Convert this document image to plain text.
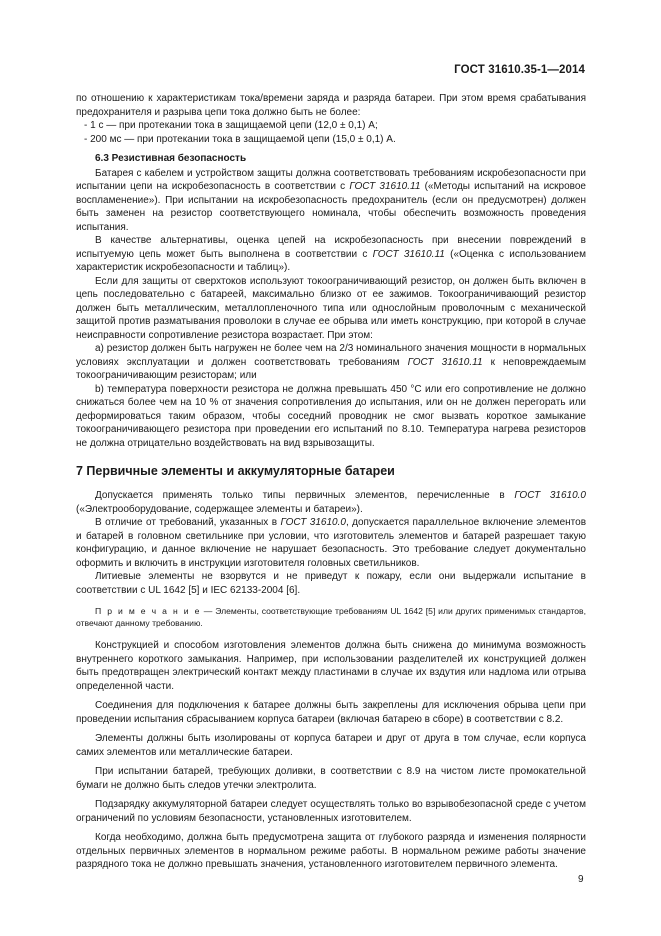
ГОСТ 31610.35-1—2014

по отношению к характеристикам тока/времени заряда и разряда батареи. При этом время срабатывания предохранителя и разрыва цепи тока должно быть не более:

- 1 с — при протекании тока в защищаемой цепи (12,0 ± 0,1) А;

- 200 мс — при протекании тока в защищаемой цепи (15,0 ± 0,1) А.

6.3 Резистивная безопасность

Батарея с кабелем и устройством защиты должна соответствовать требованиям искробезопасности при испытании цепи на искробезопасность в соответствии с ГОСТ 31610.11 («Методы испытаний на искровое воспламенение»). При испытании на искробезопасность предохранитель (если он предусмотрен) должен быть заменен на резистор соответствующего номинала, чтобы обеспечить возможность проведения испытания.

В качестве альтернативы, оценка цепей на искробезопасность при внесении повреждений в испытуемую цепь может быть выполнена в соответствии с ГОСТ 31610.11 («Оценка с использованием характеристик искробезопасности и таблиц»).

Если для защиты от сверхтоков используют токоограничивающий резистор, он должен быть включен в цепь последовательно с батареей, максимально близко от ее зажимов. Токоограничивающий резистор должен быть металлическим, металлопленочного типа или однослойным проволочным с механической защитой против разматывания проволоки в случае ее обрыва или иметь конструкцию, при которой в случае неисправности сопротивление резистора возрастает. При этом:

a) резистор должен быть нагружен не более чем на 2/3 номинального значения мощности в нормальных условиях эксплуатации и должен соответствовать требованиям ГОСТ 31610.11 к неповреждаемым токоограничивающим резисторам; или

b) температура поверхности резистора не должна превышать 450 °С или его сопротивление не должно снижаться более чем на 10 % от значения сопротивления до испытания, или он не должен перегорать или деформироваться таким образом, чтобы соседний проводник не смог вызвать короткое замыкание токоограничивающего резистора при проведении его испытаний по 8.10. Температура нагрева резисторов не должна отрицательно воздействовать на вид взрывозащиты.

7 Первичные элементы и аккумуляторные батареи

Допускается применять только типы первичных элементов, перечисленные в ГОСТ 31610.0 («Электрооборудование, содержащее элементы и батареи»).

В отличие от требований, указанных в ГОСТ 31610.0, допускается параллельное включение элементов и батарей в головном светильнике при условии, что изготовитель элементов и батарей разрешает такую конфигурацию, и данное включение не нарушает безопасность. Это требование следует документально оформить и включить в инструкции изготовителя головных светильников.

Литиевые элементы не взорвутся и не приведут к пожару, если они выдержали испытание в соответствии с UL 1642 [5] и IEC 62133-2004 [6].

П р и м е ч а н и е — Элементы, соответствующие требованиям UL 1642 [5] или других применимых стандартов, отвечают данному требованию.

Конструкцией и способом изготовления элементов должна быть снижена до минимума возможность внутреннего короткого замыкания. Например, при использовании разделителей их конструкцией должен быть предотвращен электрический контакт между пластинами в случае их вздутия или надлома или отрыва определенной части.

Соединения для подключения к батарее должны быть закреплены для исключения обрыва цепи при проведении испытания сбрасыванием корпуса батареи (включая батарею в сборе) в соответствии с 8.2.

Элементы должны быть изолированы от корпуса батареи и друг от друга в том случае, если корпуса самих элементов или металлические батареи.

При испытании батарей, требующих доливки, в соответствии с 8.9 на чистом листе промокательной бумаги не должно быть следов утечки электролита.

Подзарядку аккумуляторной батареи следует осуществлять только во взрывобезопасной среде с учетом ограничений по условиям безопасности, установленных изготовителем.

Когда необходимо, должна быть предусмотрена защита от глубокого разряда и изменения полярности отдельных первичных элементов в нормальном режиме работы. В нормальном режиме работы значение разрядного тока не должно превышать значения, установленного изготовителем первичного элемента.

9
